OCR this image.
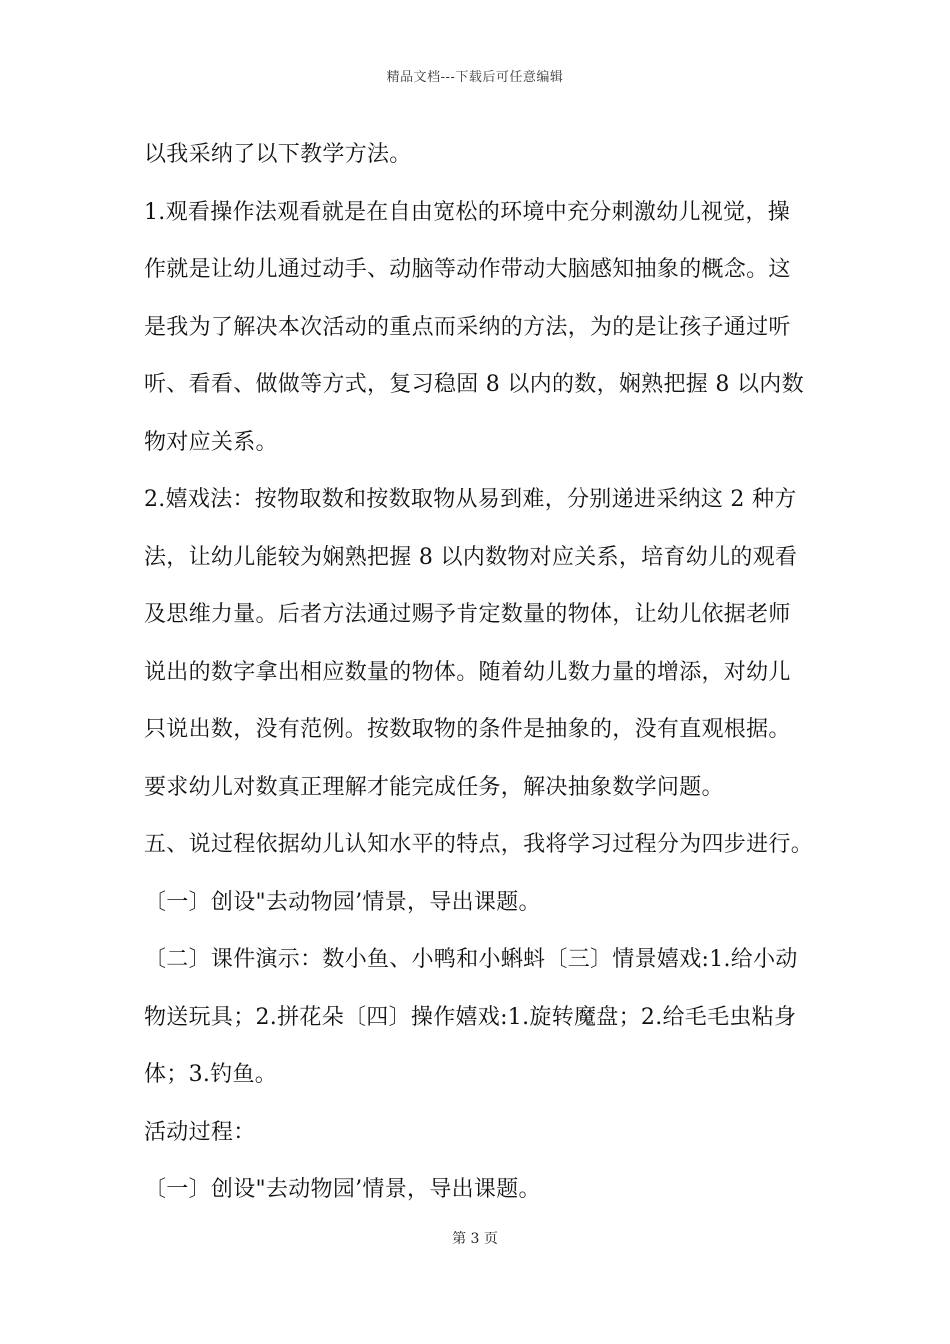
精品文档---下载后可任意编辑
以我采纳了以下教学方法。
1.观看操作法观看就是在自由宽松的环境中充分刺激幼儿视觉，操
作就是让幼儿通过动手、动脑等动作带动大脑感知抽象的概念。这
是我为了解决本次活动的重点而采纳的方法，为的是让孩子通过听
听、看看、做做等方式，复习稳固 8 以内的数，娴熟把握 8 以内数
物对应关系。
2.嬉戏法：按物取数和按数取物从易到难，分别递进采纳这 2 种方
法，让幼儿能较为娴熟把握 8 以内数物对应关系，培育幼儿的观看
及思维力量。后者方法通过赐予肯定数量的物体，让幼儿依据老师
说出的数字拿出相应数量的物体。随着幼儿数力量的增添，对幼儿
只说出数，没有范例。按数取物的条件是抽象的，没有直观根据。
要求幼儿对数真正理解才能完成任务，解决抽象数学问题。
五、说过程依据幼儿认知水平的特点，我将学习过程分为四步进行。
〔一〕创设"去动物园’情景，导出课题。
〔二〕课件演示：数小鱼、小鸭和小蝌蚪〔三〕情景嬉戏:1.给小动
物送玩具；2.拼花朵〔四〕操作嬉戏:1.旋转魔盘；2.给毛毛虫粘身
体；3.钓鱼。
活动过程：
〔一〕创设"去动物园’情景，导出课题。
第 3 页
